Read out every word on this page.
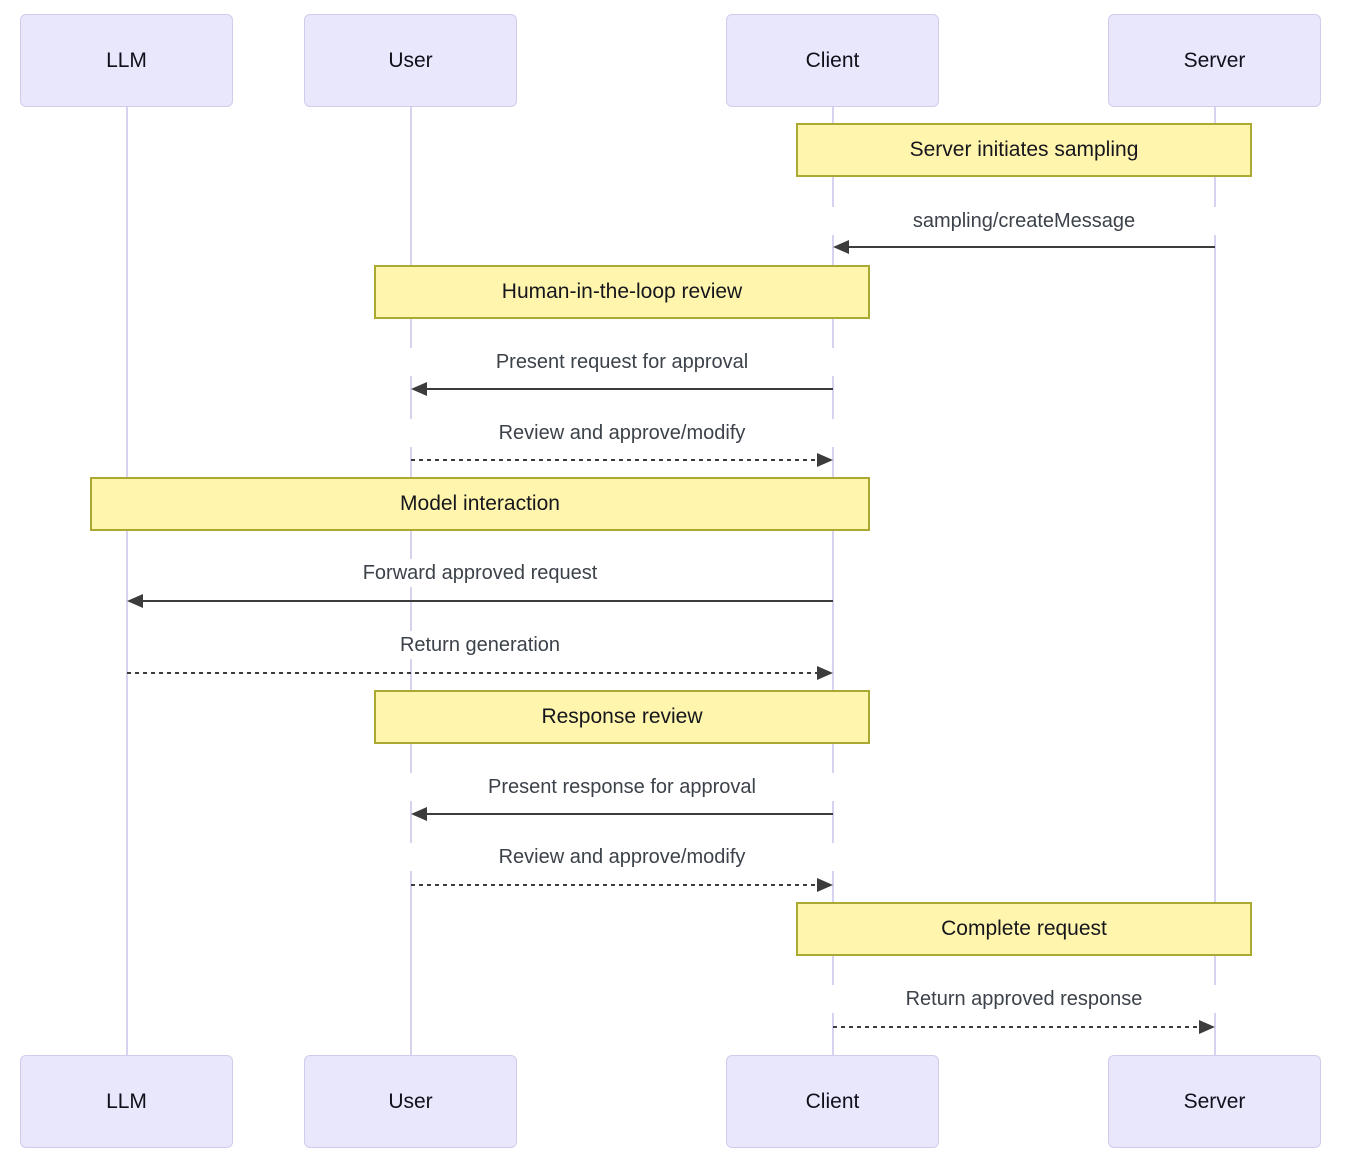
LLM	User	Client	Server
LLM	User	Client	Server
Server initiates sampling
Human-in-the-loop review
Model interaction
Response review
Complete request
sampling/createMessage
Present request for approval
Review and approve/modify
Forward approved request
Return generation
Present response for approval
Review and approve/modify
Return approved response
